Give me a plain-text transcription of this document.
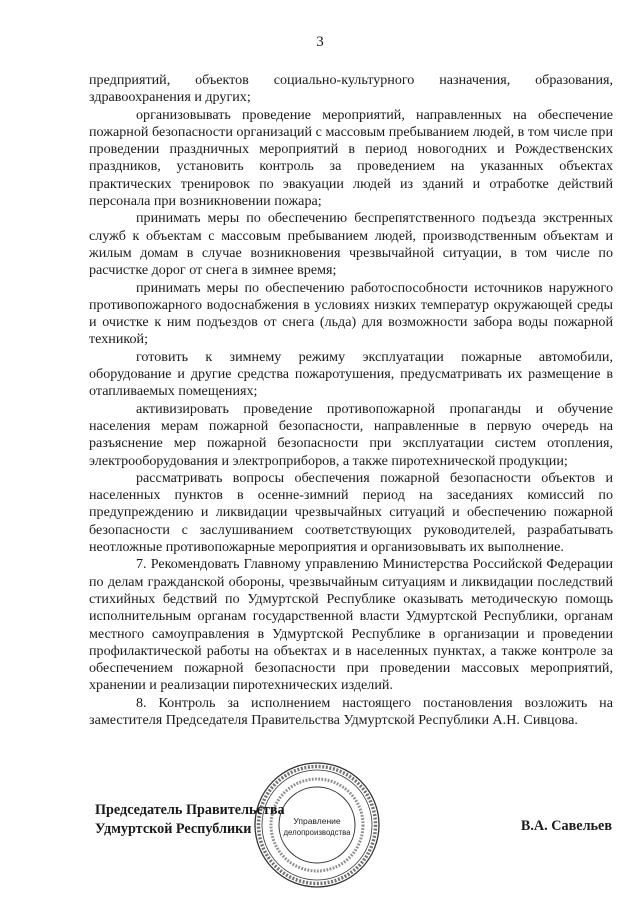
3

предприятий, объектов социально-культурного назначения, образования, здравоохранения и других;

организовывать проведение мероприятий, направленных на обеспечение пожарной безопасности организаций с массовым пребыванием людей, в том числе при проведении праздничных мероприятий в период новогодних и Рождественских праздников, установить контроль за проведением на указанных объектах практических тренировок по эвакуации людей из зданий и отработке действий персонала при возникновении пожара;

принимать меры по обеспечению беспрепятственного подъезда экстренных служб к объектам с массовым пребыванием людей, производственным объектам и жилым домам в случае возникновения чрезвычайной ситуации, в том числе по расчистке дорог от снега в зимнее время;

принимать меры по обеспечению работоспособности источников наружного противопожарного водоснабжения в условиях низких температур окружающей среды и очистке к ним подъездов от снега (льда) для возможности забора воды пожарной техникой;

готовить к зимнему режиму эксплуатации пожарные автомобили, оборудование и другие средства пожаротушения, предусматривать их размещение в отапливаемых помещениях;

активизировать проведение противопожарной пропаганды и обучение населения мерам пожарной безопасности, направленные в первую очередь на разъяснение мер пожарной безопасности при эксплуатации систем отопления, электрооборудования и электроприборов, а также пиротехнической продукции;

рассматривать вопросы обеспечения пожарной безопасности объектов и населенных пунктов в осенне-зимний период на заседаниях комиссий по предупреждению и ликвидации чрезвычайных ситуаций и обеспечению пожарной безопасности с заслушиванием соответствующих руководителей, разрабатывать неотложные противопожарные мероприятия и организовывать их выполнение.

7. Рекомендовать Главному управлению Министерства Российской Федерации по делам гражданской обороны, чрезвычайным ситуациям и ликвидации последствий стихийных бедствий по Удмуртской Республике оказывать методическую помощь исполнительным органам государственной власти Удмуртской Республики, органам местного самоуправления в Удмуртской Республике в организации и проведении профилактической работы на объектах и в населенных пунктах, а также контроле за обеспечением пожарной безопасности при проведении массовых мероприятий, хранении и реализации пиротехнических изделий.

8. Контроль за исполнением настоящего постановления возложить на заместителя Председателя Правительства Удмуртской Республики А.Н. Сивцова.

Управление
делопроизводства
Председатель Правительства
Удмуртской Республики	В.А. Савельев
